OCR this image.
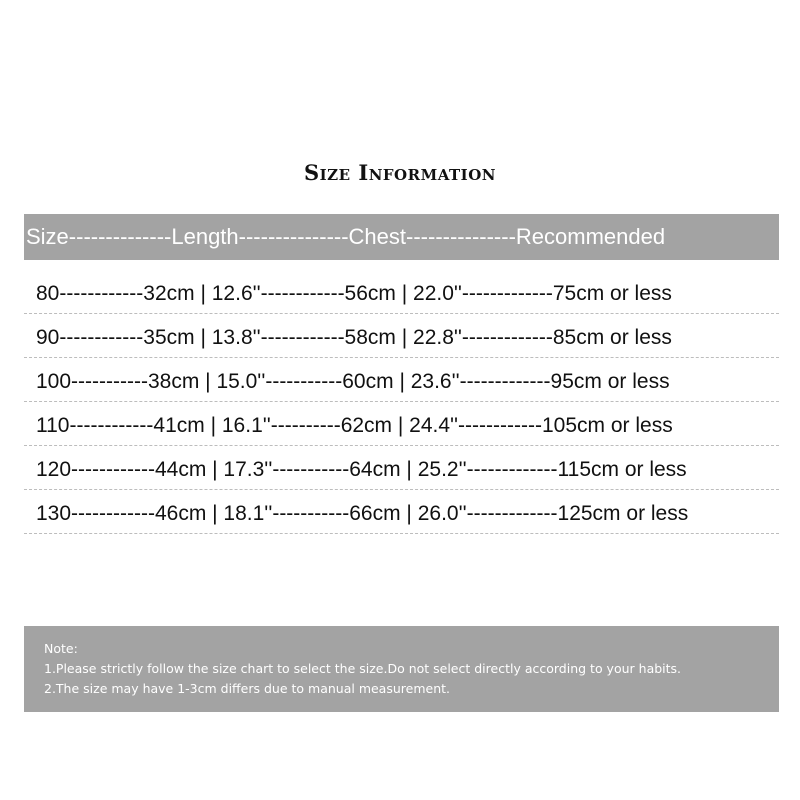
Size Information
Size--------------Length---------------Chest---------------Recommended
80------------32cm | 12.6''------------56cm | 22.0''-------------75cm or less
90------------35cm | 13.8''------------58cm | 22.8''-------------85cm or less
100-----------38cm | 15.0''-----------60cm | 23.6''-------------95cm or less
110------------41cm | 16.1''----------62cm | 24.4''------------105cm or less
120------------44cm | 17.3''-----------64cm | 25.2''-------------115cm or less
130------------46cm | 18.1''-----------66cm | 26.0''-------------125cm or less
Note:
1.Please strictly follow the size chart to select the size.Do not select directly according to your habits.
2.The size may have 1-3cm differs due to manual measurement.
